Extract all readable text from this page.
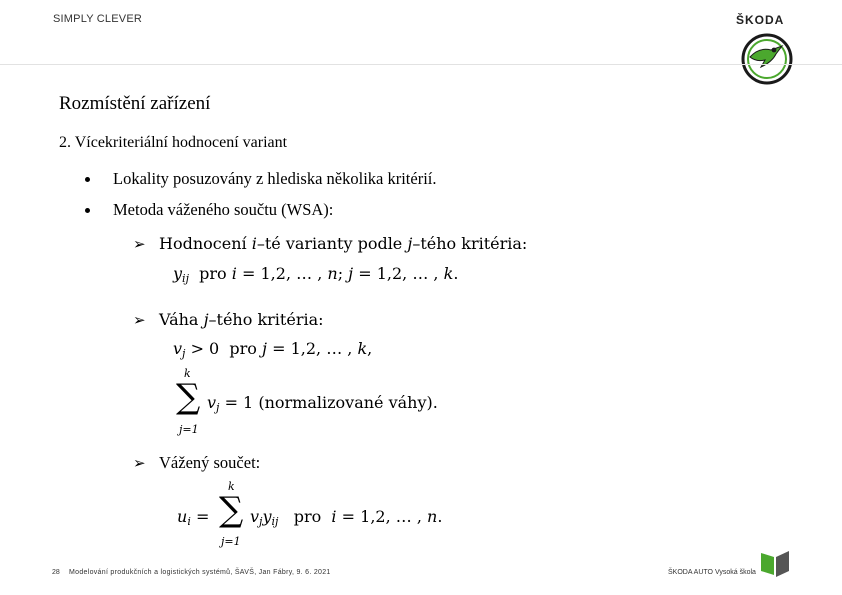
SIMPLY CLEVER	ŠKODA
Rozmístění zařízení
2. Vícekriteriální hodnocení variant
Lokality posuzovány z hlediska několika kritérií.
Metoda váženého součtu (WSA):
➢ Hodnocení
i –té varianty podle
j –tého kritéria:
$y_{ij}$ pro i = 1,2, … , n; j = 1,2, … , k.
➢ Váha
j –tého kritéria:
$v_j > 0$ pro j = 1,2, … , k,
k
∑
j=1
$v_j = 1$ (normalizované váhy).
➢ Vážený součet:
$u_i$ =
k
∑
j=1
$v_jy_{ij}$ pro i = 1,2, … , n.
28 Modelování produkčních a logistických systémů, ŠAVŠ, Jan Fábry, 9. 6. 2021	ŠKODA AUTO Vysoká škola
